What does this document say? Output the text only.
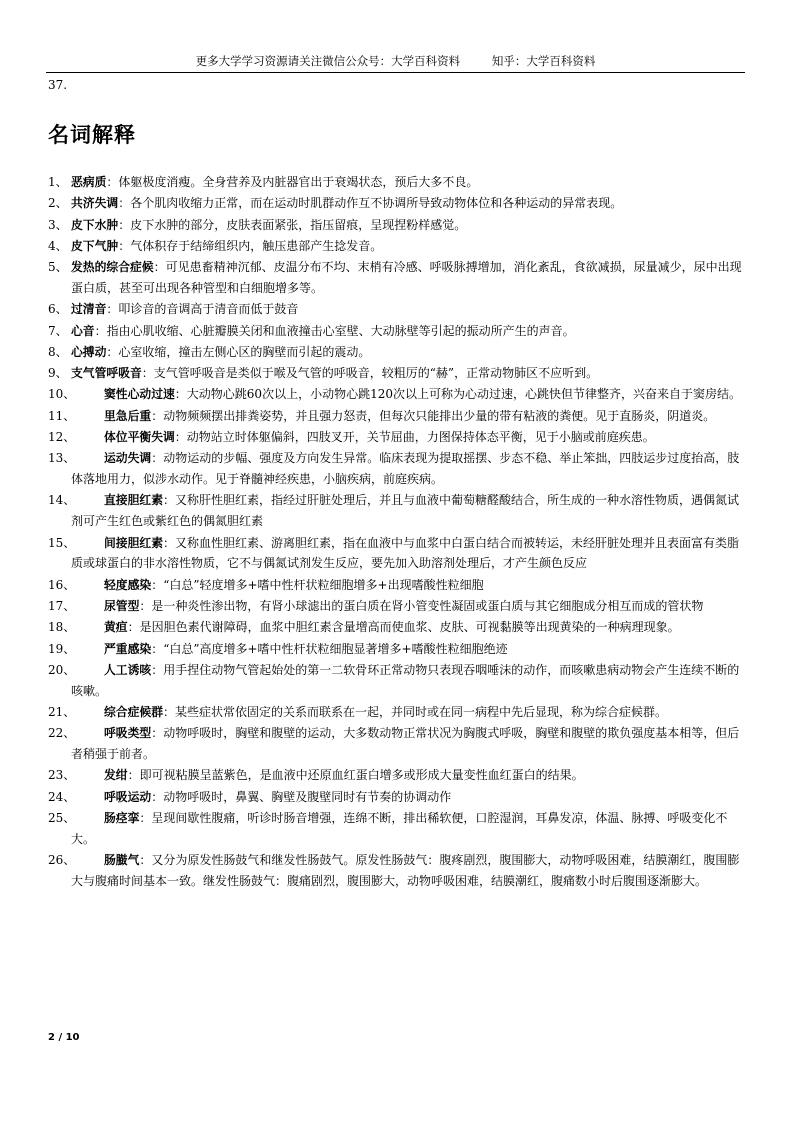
更多大学学习资源请关注微信公众号：大学百科资料	知乎：大学百科资料
37.
名词解释
1、 恶病质：体躯极度消瘦。全身营养及内脏器官出于衰竭状态，预后大多不良。
2、 共济失调：各个肌肉收缩力正常，而在运动时肌群动作互不协调所导致动物体位和各种运动的异常表现。
3、 皮下水肿：皮下水肿的部分，皮肤表面紧张，指压留痕，呈现捏粉样感觉。
4、 皮下气肿：气体积存于结缔组织内，触压患部产生捻发音。
5、 发热的综合症候：可见患畜精神沉郁、皮温分布不均、末梢有冷感、呼吸脉搏增加，消化紊乱，食欲减损，尿量减少，尿中出现蛋白质，甚至可出现各种管型和白细胞增多等。
6、 过清音：叩诊音的音调高于清音而低于鼓音
7、 心音：指由心肌收缩、心脏瓣膜关闭和血液撞击心室壁、大动脉壁等引起的振动所产生的声音。
8、 心搏动：心室收缩，撞击左侧心区的胸壁而引起的震动。
9、 支气管呼吸音：支气管呼吸音是类似于喉及气管的呼吸音，较粗厉的“赫”，正常动物肺区不应听到。
10、 窦性心动过速：大动物心跳60次以上，小动物心跳120次以上可称为心动过速，心跳快但节律整齐，兴奋来自于窦房结。
11、 里急后重：动物频频摆出排粪姿势，并且强力怒责，但每次只能排出少量的带有粘液的粪便。见于直肠炎，阴道炎。
12、 体位平衡失调：动物站立时体躯偏斜，四肢叉开，关节屈曲，力图保持体态平衡，见于小脑或前庭疾患。
13、 运动失调：动物运动的步幅、强度及方向发生异常。临床表现为提取摇摆、步态不稳、举止笨拙，四肢运步过度抬高，肢体落地用力，似涉水动作。见于脊髓神经疾患，小脑疾病，前庭疾病。
14、 直接胆红素：又称肝性胆红素，指经过肝脏处理后，并且与血液中葡萄糖醛酸结合，所生成的一种水溶性物质，遇偶氮试剂可产生红色或紫红色的偶氮胆红素
15、 间接胆红素：又称血性胆红素、游离胆红素，指在血液中与血浆中白蛋白结合而被转运，未经肝脏处理并且表面富有类脂质或球蛋白的非水溶性物质，它不与偶氮试剂发生反应，要先加入助溶剂处理后，才产生颜色反应
16、 轻度感染：“白总”轻度增多+嗜中性杆状粒细胞增多+出现嗜酸性粒细胞
17、 尿管型：是一种炎性渗出物，有肾小球滤出的蛋白质在肾小管变性凝固或蛋白质与其它细胞成分相互而成的管状物
18、 黄疸：是因胆色素代谢障碍，血浆中胆红素含量增高而使血浆、皮肤、可视黏膜等出现黄染的一种病理现象。
19、 严重感染：“白总”高度增多+嗜中性杆状粒细胞显著增多+嗜酸性粒细胞绝迹
20、 人工诱咳：用手捏住动物气管起始处的第一二软骨环正常动物只表现吞咽唾沫的动作，而咳嗽患病动物会产生连续不断的咳嗽。
21、 综合症候群：某些症状常依固定的关系而联系在一起，并同时或在同一病程中先后显现，称为综合症候群。
22、 呼吸类型：动物呼吸时，胸壁和腹壁的运动，大多数动物正常状况为胸腹式呼吸，胸壁和腹壁的欺负强度基本相等，但后者稍强于前者。
23、 发绀：即可视粘膜呈蓝紫色，是血液中还原血红蛋白增多或形成大量变性血红蛋白的结果。
24、 呼吸运动：动物呼吸时，鼻翼、胸壁及腹壁同时有节奏的协调动作
25、 肠痉挛：呈现间歇性腹痛，听诊时肠音增强，连绵不断，排出稀软便，口腔湿润，耳鼻发凉，体温、脉搏、呼吸变化不大。
26、 肠臌气：又分为原发性肠鼓气和继发性肠鼓气。原发性肠鼓气：腹疼剧烈，腹围膨大，动物呼吸困难，结膜潮红，腹围膨大与腹痛时间基本一致。继发性肠鼓气：腹痛剧烈，腹围膨大，动物呼吸困难，结膜潮红，腹痛数小时后腹围逐渐膨大。
2 / 10
